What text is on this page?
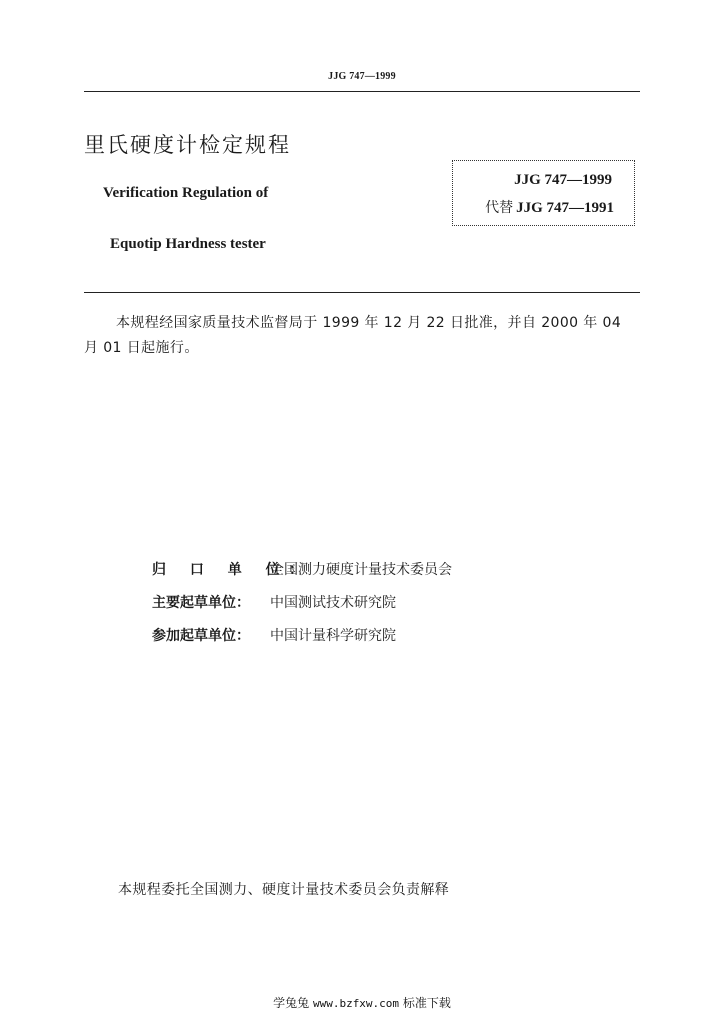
JJG 747—1999
里氏硬度计检定规程
Verification Regulation of
Equotip Hardness tester
JJG 747—1999
代替 JJG 747—1991
本规程经国家质量技术监督局于 1999 年 12 月 22 日批准，并自 2000 年 04 月 01 日起施行。
归 口 单 位：全国测力硬度计量技术委员会
主要起草单位： 中国测试技术研究院
参加起草单位： 中国计量科学研究院
本规程委托全国测力、硬度计量技术委员会负责解释
学兔兔 www.bzfxw.com 标准下载
